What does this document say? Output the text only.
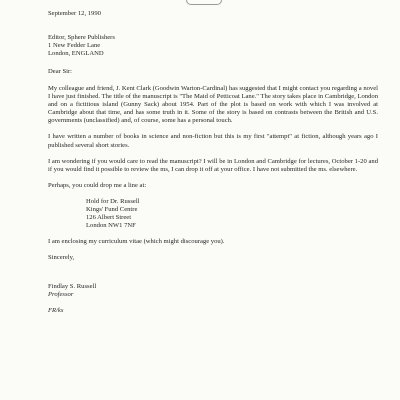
September 12, 1990
Editor, Sphere Publishers
1 New Fedder Lane
London, ENGLAND
Dear Sir:

My colleague and friend, J. Kent Clark (Goodwin Warton-Cardinal) has suggested that I might contact you regarding a novel I have just finished. The title of the manuscript is "The Maid of Petticoat Lane." The story takes place in Cambridge, London and on a fictitious island (Gunny Sack) about 1954. Part of the plot is based on work with which I was involved at Cambridge about that time, and has some truth in it. Some of the story is based on contrasts between the British and U.S. governments (unclassified) and, of course, some has a personal touch.

I have written a number of books in science and non-fiction but this is my first "attempt" at fiction, although years ago I published several short stories.

I am wondering if you would care to read the manuscript? I will be in London and Cambridge for lectures, October 1-20 and if you would find it possible to review the ms, I can drop it off at your office. I have not submitted the ms. elsewhere.

Perhaps, you could drop me a line at:

Hold for Dr. Russell
Kings' Fund Centre
126 Albert Street
London NW1 7NF

I am enclosing my curriculum vitae (which might discourage you).

Sincerely,
Findlay S. Russell
Professor
FR/ks
